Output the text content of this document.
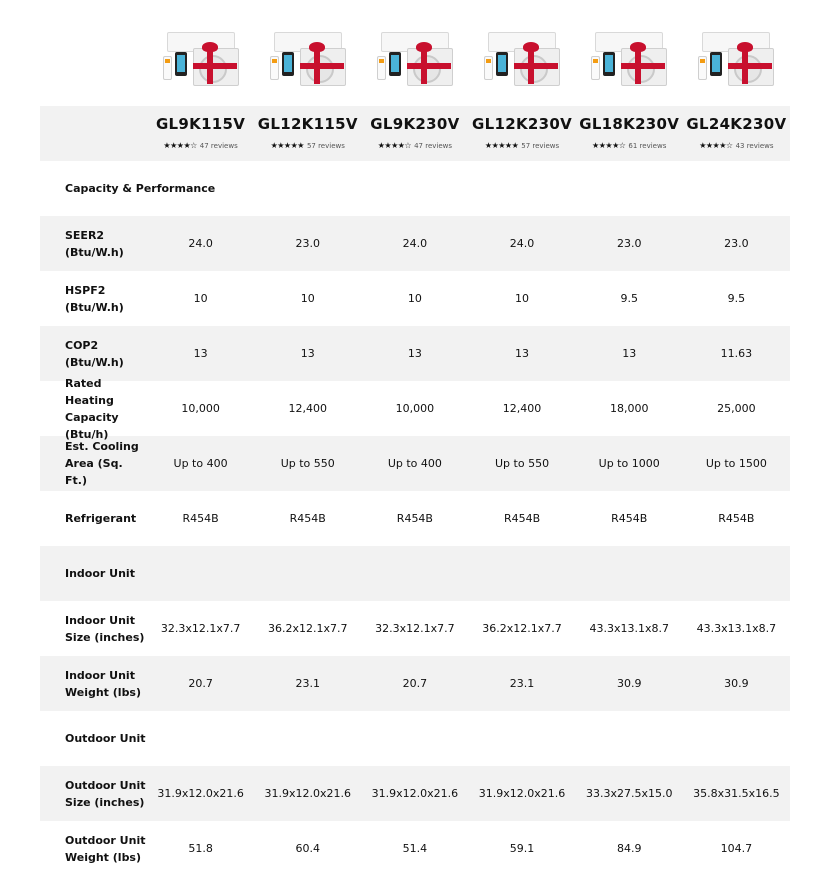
GL9K115V
★★★★☆ 47 reviews
GL12K115V
★★★★★ 57 reviews
GL9K230V
★★★★☆ 47 reviews
GL12K230V
★★★★★ 57 reviews
GL18K230V
★★★★☆ 61 reviews
GL24K230V
★★★★☆ 43 reviews
Capacity & Performance
SEER2
(Btu/W.h)
24.0	23.0	24.0	24.0	23.0	23.0
HSPF2
(Btu/W.h)
10	10	10	10	9.5	9.5
COP2
(Btu/W.h)
13	13	13	13	13	11.63
Rated
Heating
Capacity
(Btu/h)
10,000	12,400	10,000	12,400	18,000	25,000
Est. Cooling
Area (Sq. Ft.)
Up to 400	Up to 550	Up to 400	Up to 550	Up to 1000	Up to 1500
Refrigerant	R454B	R454B	R454B	R454B	R454B	R454B
Indoor Unit
Indoor Unit
Size (inches)
32.3x12.1x7.7	36.2x12.1x7.7	32.3x12.1x7.7	36.2x12.1x7.7	43.3x13.1x8.7	43.3x13.1x8.7
Indoor Unit
Weight (lbs)
20.7	23.1	20.7	23.1	30.9	30.9
Outdoor Unit
Outdoor Unit
Size (inches)
31.9x12.0x21.6	31.9x12.0x21.6	31.9x12.0x21.6	31.9x12.0x21.6	33.3x27.5x15.0	35.8x31.5x16.5
Outdoor Unit
Weight (lbs)
51.8	60.4	51.4	59.1	84.9	104.7
